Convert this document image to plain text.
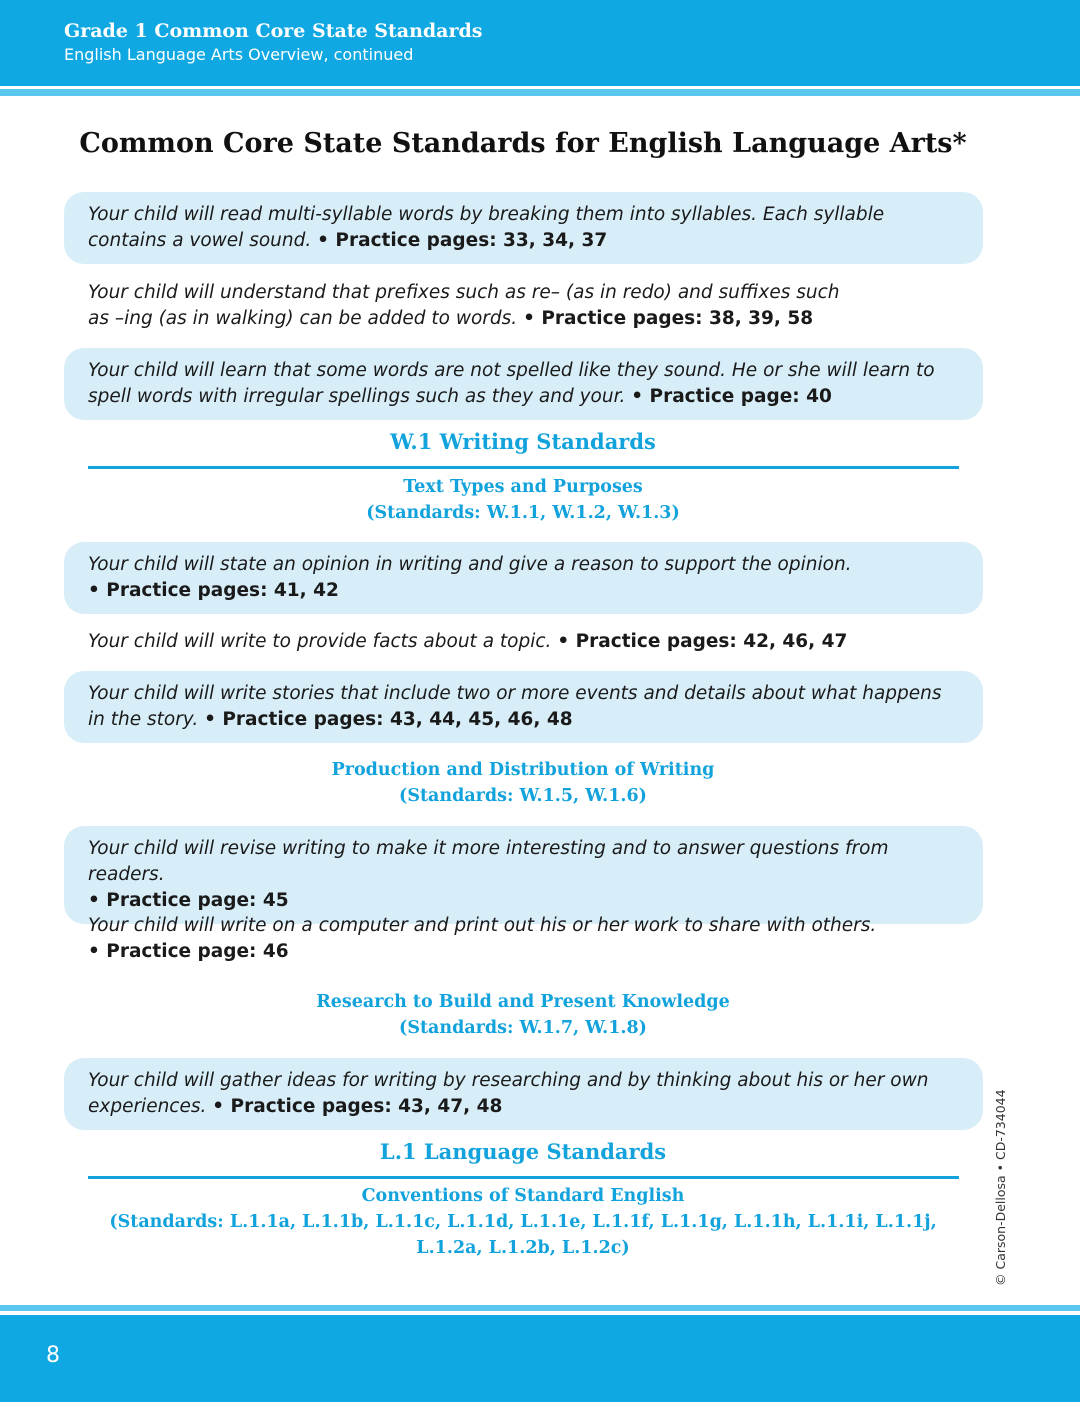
Grade 1 Common Core State Standards
English Language Arts Overview, continued
Common Core State Standards for English Language Arts*
Your child will read multi-syllable words by breaking them into syllables. Each syllable contains a vowel sound. • Practice pages: 33, 34, 37
Your child will understand that prefixes such as re– (as in redo) and suffixes such as –ing (as in walking) can be added to words. • Practice pages: 38, 39, 58
Your child will learn that some words are not spelled like they sound. He or she will learn to spell words with irregular spellings such as they and your. • Practice page: 40
W.1 Writing Standards
Text Types and Purposes
(Standards: W.1.1, W.1.2, W.1.3)
Your child will state an opinion in writing and give a reason to support the opinion.
• Practice pages: 41, 42
Your child will write to provide facts about a topic. • Practice pages: 42, 46, 47
Your child will write stories that include two or more events and details about what happens in the story. • Practice pages: 43, 44, 45, 46, 48
Production and Distribution of Writing
(Standards: W.1.5, W.1.6)
Your child will revise writing to make it more interesting and to answer questions from readers.
• Practice page: 45
Your child will write on a computer and print out his or her work to share with others.
• Practice page: 46
Research to Build and Present Knowledge
(Standards: W.1.7, W.1.8)
Your child will gather ideas for writing by researching and by thinking about his or her own experiences. • Practice pages: 43, 47, 48
L.1 Language Standards
Conventions of Standard English
(Standards: L.1.1a, L.1.1b, L.1.1c, L.1.1d, L.1.1e, L.1.1f, L.1.1g, L.1.1h, L.1.1i, L.1.1j,
L.1.2a, L.1.2b, L.1.2c)	© Carson-Dellosa • CD-734044
8
